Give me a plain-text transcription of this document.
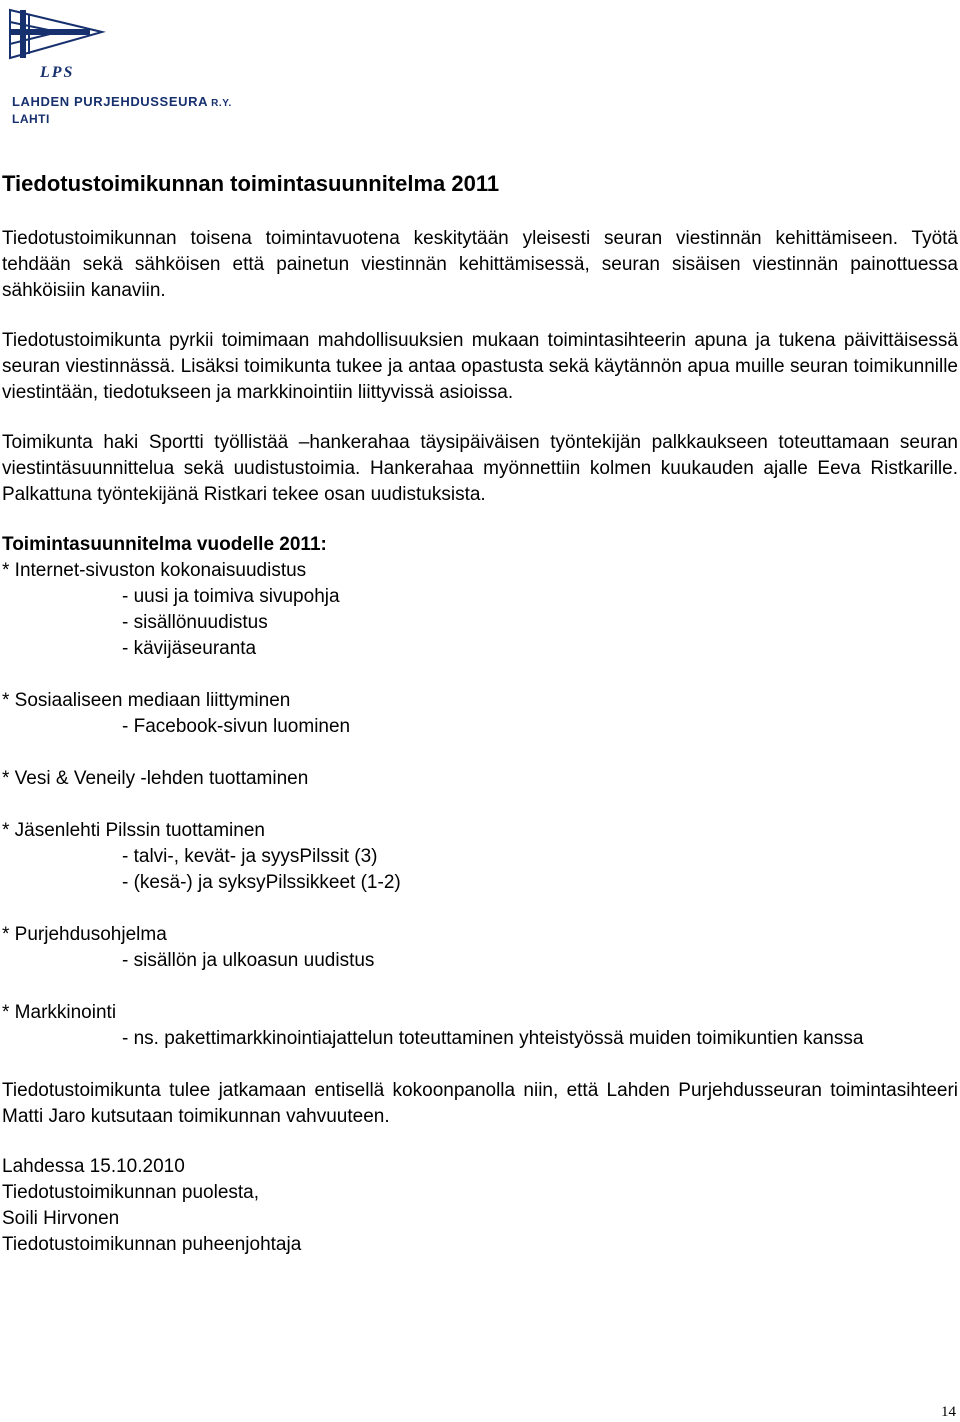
LPS
LAHDEN PURJEHDUSSEURA R.Y.
LAHTI
Tiedotustoimikunnan toimintasuunnitelma 2011

Tiedotustoimikunnan toisena toimintavuotena keskitytään yleisesti seuran viestinnän kehittämiseen. Työtä tehdään sekä sähköisen että painetun viestinnän kehittämisessä, seuran sisäisen viestinnän painottuessa sähköisiin kanaviin.

Tiedotustoimikunta pyrkii toimimaan mahdollisuuksien mukaan toimintasihteerin apuna ja tukena päivittäisessä seuran viestinnässä. Lisäksi toimikunta tukee ja antaa opastusta sekä käytännön apua muille seuran toimikunnille viestintään, tiedotukseen ja markkinointiin liittyvissä asioissa.

Toimikunta haki Sportti työllistää –hankerahaa täysipäiväisen työntekijän palkkaukseen toteuttamaan seuran viestintäsuunnittelua sekä uudistustoimia. Hankerahaa myönnettiin kolmen kuukauden ajalle Eeva Ristkarille. Palkattuna työntekijänä Ristkari tekee osan uudistuksista.

Toimintasuunnitelma vuodelle 2011:
* Internet-sivuston kokonaisuudistus
- uusi ja toimiva sivupohja
- sisällönuudistus
- kävijäseuranta
* Sosiaaliseen mediaan liittyminen
- Facebook-sivun luominen
* Vesi & Veneily -lehden tuottaminen
* Jäsenlehti Pilssin tuottaminen
- talvi-, kevät- ja syysPilssit (3)
- (kesä-) ja syksyPilssikkeet (1-2)
* Purjehdusohjelma
- sisällön ja ulkoasun uudistus
* Markkinointi
- ns. pakettimarkkinointiajattelun toteuttaminen yhteistyössä muiden toimikuntien kanssa

Tiedotustoimikunta tulee jatkamaan entisellä kokoonpanolla niin, että Lahden Purjehdusseuran toimintasihteeri Matti Jaro kutsutaan toimikunnan vahvuuteen.

Lahdessa 15.10.2010
Tiedotustoimikunnan puolesta,
Soili Hirvonen
Tiedotustoimikunnan puheenjohtaja
14
